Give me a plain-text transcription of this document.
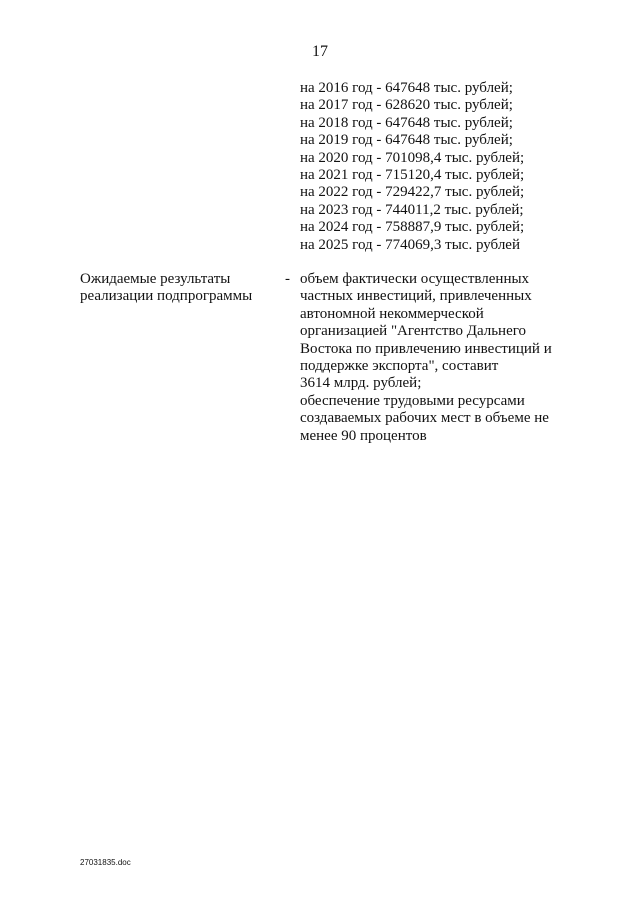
17
на 2016 год - 647648 тыс. рублей;
на 2017 год - 628620 тыс. рублей;
на 2018 год - 647648 тыс. рублей;
на 2019 год - 647648 тыс. рублей;
на 2020 год - 701098,4 тыс. рублей;
на 2021 год - 715120,4 тыс. рублей;
на 2022 год - 729422,7 тыс. рублей;
на 2023 год - 744011,2 тыс. рублей;
на 2024 год - 758887,9 тыс. рублей;
на 2025 год - 774069,3 тыс. рублей
Ожидаемые результаты
реализации подпрограммы
- объем фактически осуществленных
частных инвестиций, привлеченных
автономной некоммерческой
организацией "Агентство Дальнего
Востока по привлечению инвестиций и
поддержке экспорта", составит
3614 млрд. рублей;
обеспечение трудовыми ресурсами
создаваемых рабочих мест в объеме не
менее 90 процентов
27031835.doc
